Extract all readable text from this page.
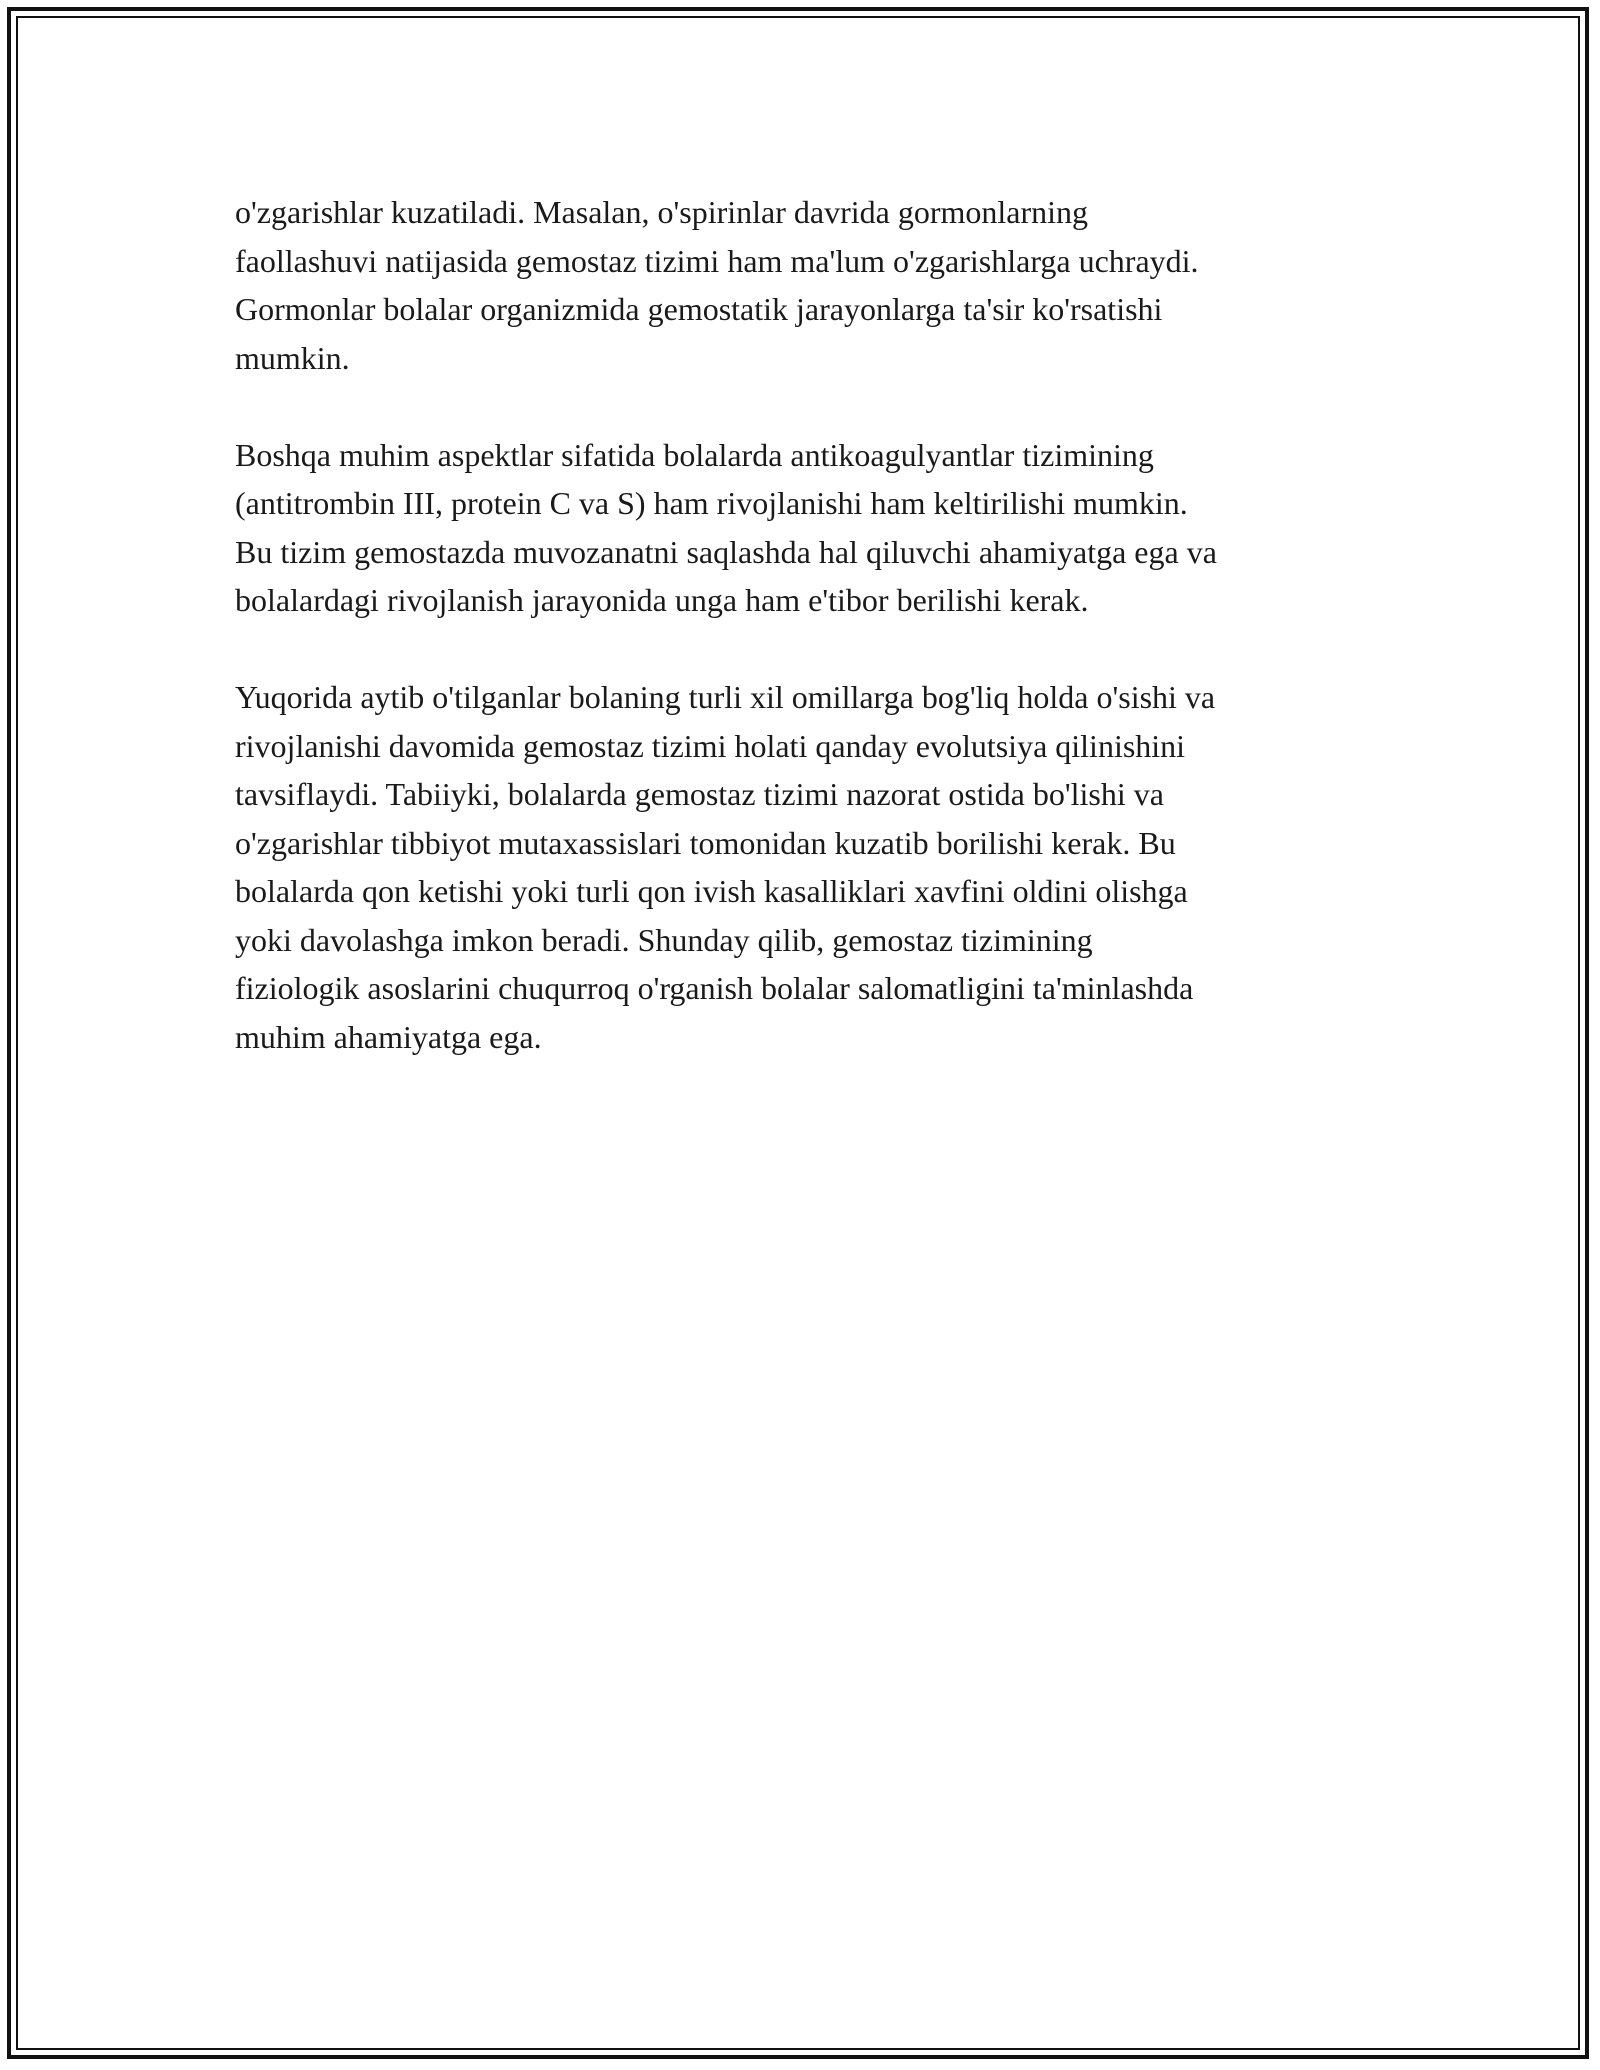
o'zgarishlar kuzatiladi. Masalan, o'spirinlar davrida gormonlarning
faollashuvi natijasida gemostaz tizimi ham ma'lum o'zgarishlarga uchraydi.
Gormonlar bolalar organizmida gemostatik jarayonlarga ta'sir ko'rsatishi
mumkin.

Boshqa muhim aspektlar sifatida bolalarda antikoagulyantlar tizimining
(antitrombin III, protein C va S) ham rivojlanishi ham keltirilishi mumkin.
Bu tizim gemostazda muvozanatni saqlashda hal qiluvchi ahamiyatga ega va
bolalardagi rivojlanish jarayonida unga ham e'tibor berilishi kerak.

Yuqorida aytib o'tilganlar bolaning turli xil omillarga bog'liq holda o'sishi va
rivojlanishi davomida gemostaz tizimi holati qanday evolutsiya qilinishini
tavsiflaydi. Tabiiyki, bolalarda gemostaz tizimi nazorat ostida bo'lishi va
o'zgarishlar tibbiyot mutaxassislari tomonidan kuzatib borilishi kerak. Bu
bolalarda qon ketishi yoki turli qon ivish kasalliklari xavfini oldini olishga
yoki davolashga imkon beradi. Shunday qilib, gemostaz tizimining
fiziologik asoslarini chuqurroq o'rganish bolalar salomatligini ta'minlashda
muhim ahamiyatga ega.
